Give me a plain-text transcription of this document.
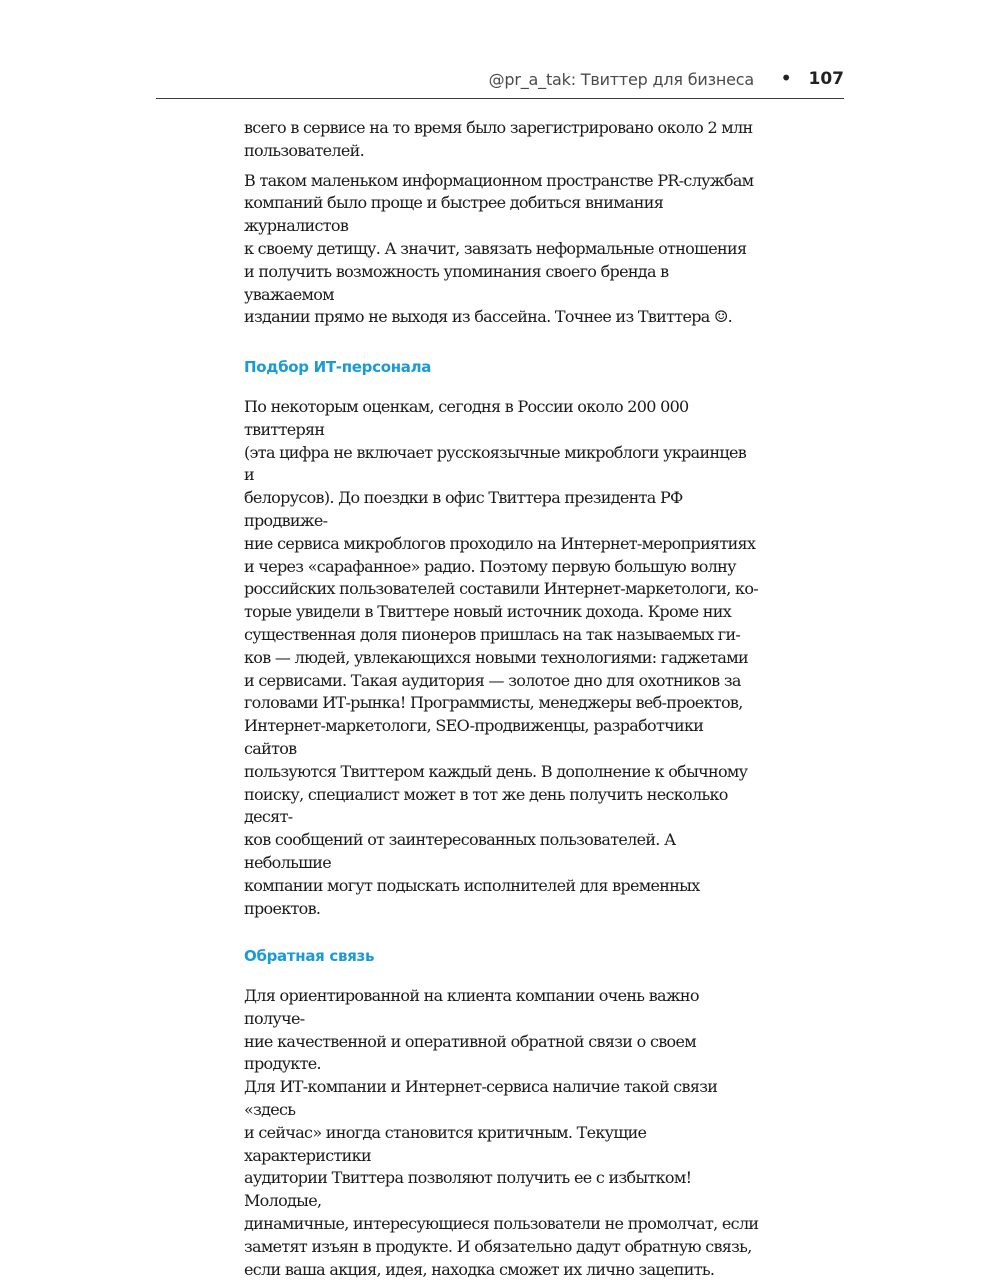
@pr_a_tak: Твиттер для бизнеса • 107

всего в сервисе на то время было зарегистрировано около 2 млн
пользователей.

В таком маленьком информационном пространстве PR-службам
компаний было проще и быстрее добиться внимания журналистов
к своему детищу. А значит, завязать неформальные отношения
и получить возможность упоминания своего бренда в уважаемом
издании прямо не выходя из бассейна. Точнее из Твиттера ☺.

Подбор ИТ-персонала

По некоторым оценкам, сегодня в России около 200 000 твиттерян
(эта цифра не включает русскоязычные микроблоги украинцев и
белорусов). До поездки в офис Твиттера президента РФ продвиже-
ние сервиса микроблогов проходило на Интернет-мероприятиях
и через «сарафанное» радио. Поэтому первую большую волну
российских пользователей составили Интернет-маркетологи, ко-
торые увидели в Твиттере новый источник дохода. Кроме них
существенная доля пионеров пришлась на так называемых ги-
ков — людей, увлекающихся новыми технологиями: гаджетами
и сервисами. Такая аудитория — золотое дно для охотников за
головами ИТ-рынка! Программисты, менеджеры веб-проектов,
Интернет-маркетологи, SEO-продвиженцы, разработчики сайтов
пользуются Твиттером каждый день. В дополнение к обычному
поиску, специалист может в тот же день получить несколько десят-
ков сообщений от заинтересованных пользователей. А небольшие
компании могут подыскать исполнителей для временных проектов.

Обратная связь

Для ориентированной на клиента компании очень важно получе-
ние качественной и оперативной обратной связи о своем продукте.
Для ИТ-компании и Интернет-сервиса наличие такой связи «здесь
и сейчас» иногда становится критичным. Текущие характеристики
аудитории Твиттера позволяют получить ее с избытком! Молодые,
динамичные, интересующиеся пользователи не промолчат, если
заметят изъян в продукте. И обязательно дадут обратную связь,
если ваша акция, идея, находка сможет их лично зацепить.
